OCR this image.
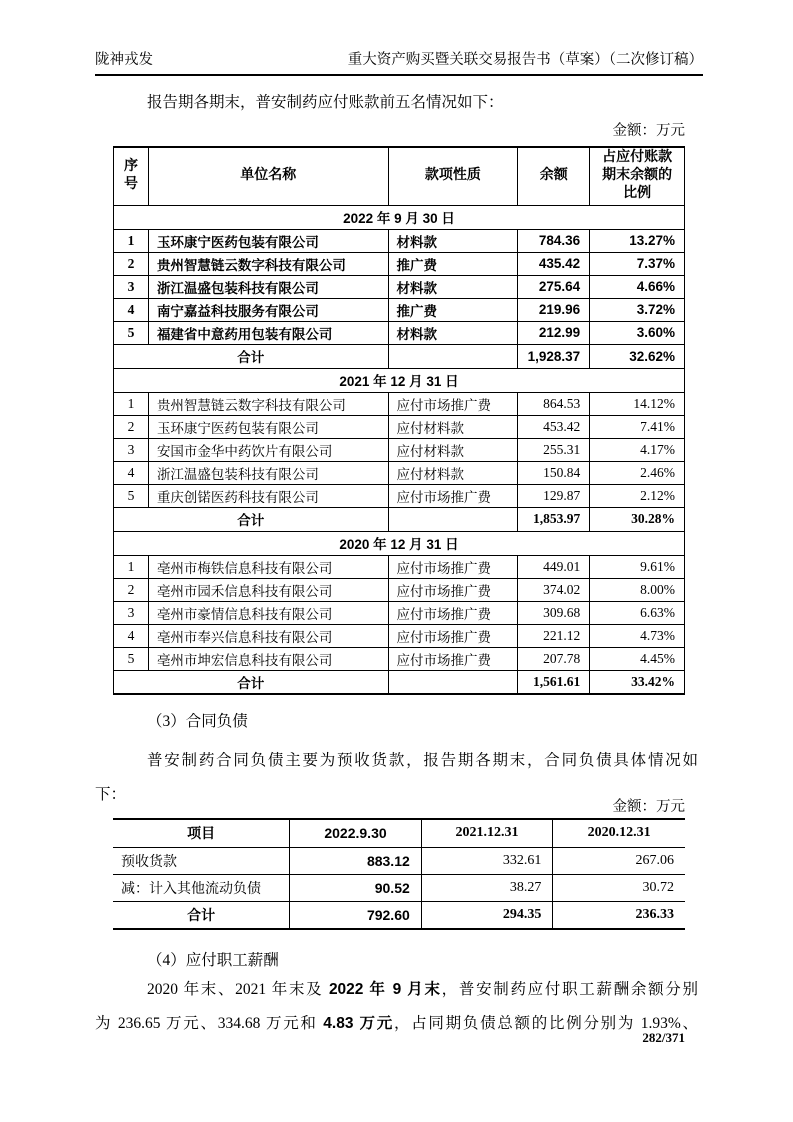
陇神戎发	重大资产购买暨关联交易报告书（草案）（二次修订稿）

报告期各期末，普安制药应付账款前五名情况如下：

金额：万元
序号	单位名称	款项性质	余额	占应付账款期末余额的比例
2022 年 9 月 30 日				
1	玉环康宁医药包装有限公司	材料款	784.36	13.27%
2	贵州智慧链云数字科技有限公司	推广费	435.42	7.37%
3	浙江温盛包装科技有限公司	材料款	275.64	4.66%
4	南宁嘉益科技服务有限公司	推广费	219.96	3.72%
5	福建省中意药用包装有限公司	材料款	212.99	3.60%
合计			1,928.37	32.62%
2021 年 12 月 31 日				
1	贵州智慧链云数字科技有限公司	应付市场推广费	864.53	14.12%
2	玉环康宁医药包装有限公司	应付材料款	453.42	7.41%
3	安国市金华中药饮片有限公司	应付材料款	255.31	4.17%
4	浙江温盛包装科技有限公司	应付材料款	150.84	2.46%
5	重庆创锘医药科技有限公司	应付市场推广费	129.87	2.12%
合计			1,853.97	30.28%
2020 年 12 月 31 日				
1	亳州市梅铁信息科技有限公司	应付市场推广费	449.01	9.61%
2	亳州市园禾信息科技有限公司	应付市场推广费	374.02	8.00%
3	亳州市豪情信息科技有限公司	应付市场推广费	309.68	6.63%
4	亳州市奉兴信息科技有限公司	应付市场推广费	221.12	4.73%
5	亳州市坤宏信息科技有限公司	应付市场推广费	207.78	4.45%
合计			1,561.61	33.42%

（3）合同负债

普安制药合同负债主要为预收货款，报告期各期末，合同负债具体情况如

下：

金额：万元
项目	2022.9.30	2021.12.31	2020.12.31
预收货款	883.12	332.61	267.06
减：计入其他流动负债	90.52	38.27	30.72
合计	792.60	294.35	236.33

（4）应付职工薪酬

2020 年末、2021 年末及 2022 年 9 月末，普安制药应付职工薪酬余额分别
为 236.65 万元、334.68 万元和 4.83 万元，占同期负债总额的比例分别为 1.93%、
282/371
